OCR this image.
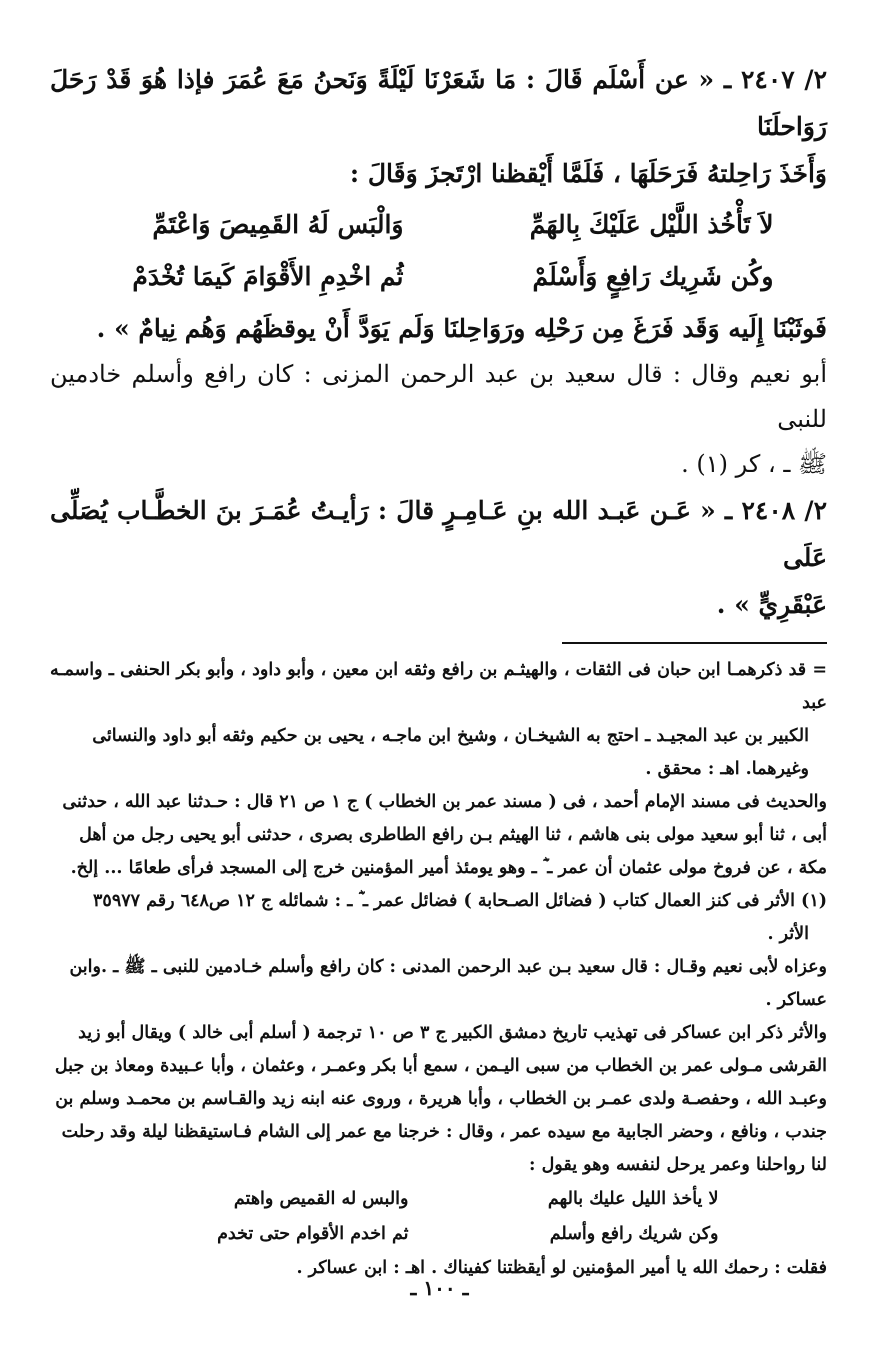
٢/ ٢٤٠٧ ـ « عن أَسْلَم قَالَ : مَا شَعَرْنَا لَيْلَةً وَنَحنُ مَعَ عُمَرَ فإذا هُوَ قَدْ رَحَلَ رَوَاحلَنَا
وَأَخَذَ رَاحِلتهُ فَرَحَلَهَا ، فَلَمَّا أَيْقظنا ارْتَجزَ وَقَالَ :

لاَ تَأْخُذ اللَّيْل عَلَيْكَ بِالهَمِّ
وَالْبَس لَهُ القَمِيصَ وَاعْتَمِّ
وكُن شَرِيك رَافِعٍ وَأَسْلَمْ
ثُم اخْدِمِ الأَقْوَامَ كَيمَا تُخْدَمْ

فَوثَبْنَا إِلَيه وَقَد فَرَغَ مِن رَحْلِه ورَوَاحِلنَا وَلَم يَوَدَّ أَنْ يوقظَهُم وَهُم نِيامٌ » .

أبو نعيم وقال : قال سعيد بن عبد الرحمن المزنى : كان رافع وأسلم خادمين للنبى
ﷺ ـ ، كر (١) .

٢/ ٢٤٠٨ ـ « عَـن عَبـد الله بنِ عَـامِـرٍ قالَ : رَأيـتُ عُمَـرَ بنَ الخطَّـاب يُصَلِّى عَلَى
عَبْقَرِيٍّ » .

= قد ذكرهمـا ابن حبان فى الثقات ، والهيثـم بن رافع وثقه ابن معين ، وأبو داود ، وأبو بكر الحنفى ـ واسمـه عبد

الكبير بن عبد المجيـد ـ احتج به الشيخـان ، وشيخ ابن ماجـه ، يحيى بن حكيم وثقه أبو داود والنسائى

وغيرهما. اهـ : محقق .

والحديث فى مسند الإمام أحمد ، فى ( مسند عمر بن الخطاب ) ج ١ ص ٢١ قال : حـدثنا عبد الله ، حدثنى

أبى ، ثنا أبو سعيد مولى بنى هاشم ، ثنا الهيثم بـن رافع الطاطرى بصرى ، حدثنى أبو يحيى رجل من أهل

مكة ، عن فروخ مولى عثمان أن عمر ـ ؓ ـ وهو يومئذ أمير المؤمنين خرج إلى المسجد فرأى طعامًا ... إلخ.

(١) الأثر فى كنز العمال كتاب ( فضائل الصـحابة ) فضائل عمر ـ ؓ ـ : شمائله ج ١٢ ص٦٤٨ رقم ٣٥٩٧٧

الأثر .

وعزاه لأبى نعيم وقـال : قال سعيد بـن عبد الرحمن المدنى : كان رافع وأسلم خـادمين للنبى ـ ﷺ ـ .وابن

عساكر .

والأثر ذكر ابن عساكر فى تهذيب تاريخ دمشق الكبير ج ٣ ص ١٠ ترجمة ( أسلم أبى خالد ) ويقال أبو زيد

القرشى مـولى عمر بن الخطاب من سبى اليـمن ، سمع أبا بكر وعمـر ، وعثمان ، وأبا عـبيدة ومعاذ بن جبل

وعبـد الله ، وحفصـة ولدى عمـر بن الخطاب ، وأبا هريرة ، وروى عنه ابنه زيد والقـاسم بن محمـد وسلم بن

جندب ، ونافع ، وحضر الجابية مع سيده عمر ، وقال : خرجنا مع عمر إلى الشام فـاستيقظنا ليلة وقد رحلت

لنا رواحلنا وعمر يرحل لنفسه وهو يقول :

لا يأخذ الليل عليك بالهم
وكن شريك رافع وأسلم
والبس له القميص واهتم
ثم اخدم الأقوام حتى تخدم

فقلت : رحمك الله يا أمير المؤمنين لو أيقظتنا كفيناك . اهـ : ابن عساكر .

ـ ١٠٠ ـ
